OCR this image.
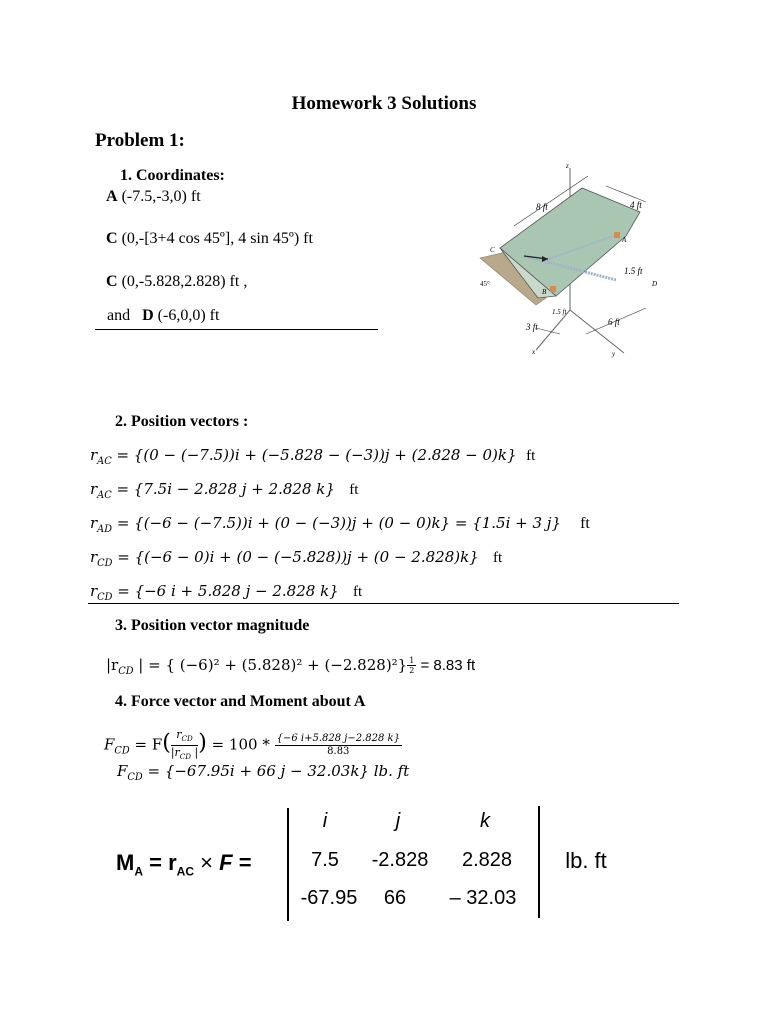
Homework 3 Solutions
Problem 1:
1. Coordinates:
A (-7.5,-3,0) ft
C (0,-[3+4 cos 45º], 4 sin 45º) ft
C (0,-5.828,2.828) ft ,
and D (-6,0,0) ft
8 ft	4 ft
1.5 ft
1.5 ft
3 ft	6 ft
45°
A
B
C
D
x	y
z
2. Position vectors :
$r_{AC} = \{(0 - (-7.5))i + (-5.828 - (-3))j + (2.828 - 0)k\}$ ft
$r_{AC} = \{7.5i - 2.828$ j + 2.828 k} ft
$r_{AD} = \{(-6 - (-7.5))i + (0 - (-3))j + (0 - 0)k\} = \{1.5i + 3$ j} ft
$r_{CD} = \{(-6 - 0)i + (0 - (-5.828))j + (0 - 2.828)k\}$ ft
$r_{CD} = \{-6$ i + 5.828 j − 2.828 k} ft
3. Position vector magnitude
$|r_{CD}$ | = { $(-6)^2 + (5.828)^2 + (-2.828)^2\} \frac{1}{2} = 8.83$ ft
4. Force vector and Moment about A
$F_{CD} = F( \frac{r_{CD}}{|r_{CD} |}$ ) = $100 * \frac{\{-6 i+5.828 j-2.828 k\}}{8.83}$
$F_{CD} = \{-67.95i + 66$ j − 32.03k} lb. ft
$M_A = r_{AC} \times F$ =
i	j	k
7.5	-2.828	2.828
-67.95	66	– 32.03
lb. ft
